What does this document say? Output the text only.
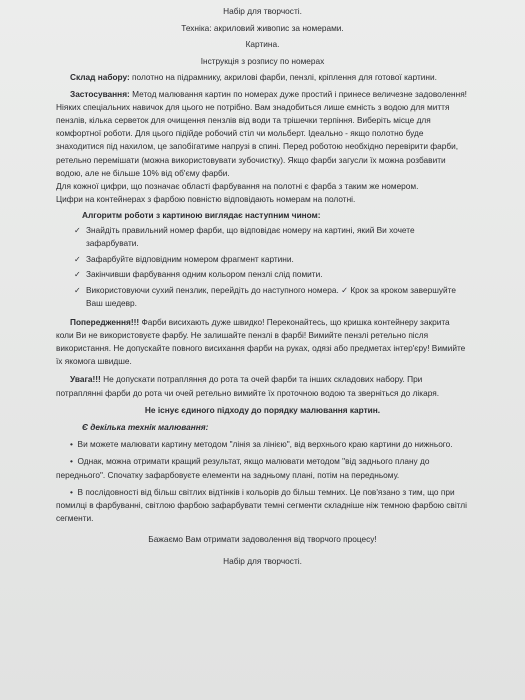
Набір для творчості.

Техніка: акриловий живопис за номерами.

Картина.

Інструкція з розпису по номерах

Склад набору: полотно на підрамнику, акрилові фарби, пензлі, кріплення для готової картини.

Застосування: Метод малювання картин по номерах дуже простий і принесе величезне задоволення! Ніяких спеціальних навичок для цього не потрібно. Вам знадобиться лише ємність з водою для миття пензлів, кілька серветок для очищення пензлів від води та трішечки терпіння. Виберіть місце для комфортної роботи. Для цього підійде робочий стіл чи мольберт. Ідеально - якщо полотно буде знаходитися під нахилом, це запобігатиме напрузі в спині. Перед роботою необхідно перевірити фарби, ретельно перемішати (можна використовувати зубочистку). Якщо фарби загусли їх можна розбавити водою, але не більше 10% від об'єму фарби.

Для кожної цифри, що позначає області фарбування на полотні є фарба з таким же номером.

Цифри на контейнерах з фарбою повністю відповідають номерам на полотні.

Алгоритм роботи з картиною виглядає наступним чином:

✓ Знайдіть правильний номер фарби, що відповідає номеру на картині, який Ви хочете зафарбувати.
✓ Зафарбуйте відповідним номером фрагмент картини.
✓ Закінчивши фарбування одним кольором пензлі слід помити.
✓ Використовуючи сухий пензлик, перейдіть до наступного номера. ✓ Крок за кроком завершуйте Ваш шедевр.

Попередження!!! Фарби висихають дуже швидко! Переконайтесь, що кришка контейнеру закрита коли Ви не використовуєте фарбу. Не залишайте пензлі в фарбі! Вимийте пензлі ретельно після використання. Не допускайте повного висихання фарби на руках, одязі або предметах інтер'єру! Вимийте їх якомога швидше.

Увага!!! Не допускати потрапляння до рота та очей фарби та інших складових набору. При потраплянні фарби до рота чи очей ретельно вимийте їх проточною водою та зверніться до лікаря.

Не існує єдиного підходу до порядку малювання картин.

Є декілька технік малювання:

• Ви можете малювати картину методом "лінія за лінією", від верхнього краю картини до нижнього.

• Однак, можна отримати кращий результат, якщо малювати методом "від заднього плану до переднього". Спочатку зафарбовуєте елементи на задньому плані, потім на передньому.

• В послідовності від більш світлих відтінків і кольорів до більш темних. Це пов'язано з тим, що при помилці в фарбуванні, світлою фарбою зафарбувати темні сегменти складніше ніж темною фарбою світлі сегменти.

Бажаємо Вам отримати задоволення від творчого процесу!

Набір для творчості.
